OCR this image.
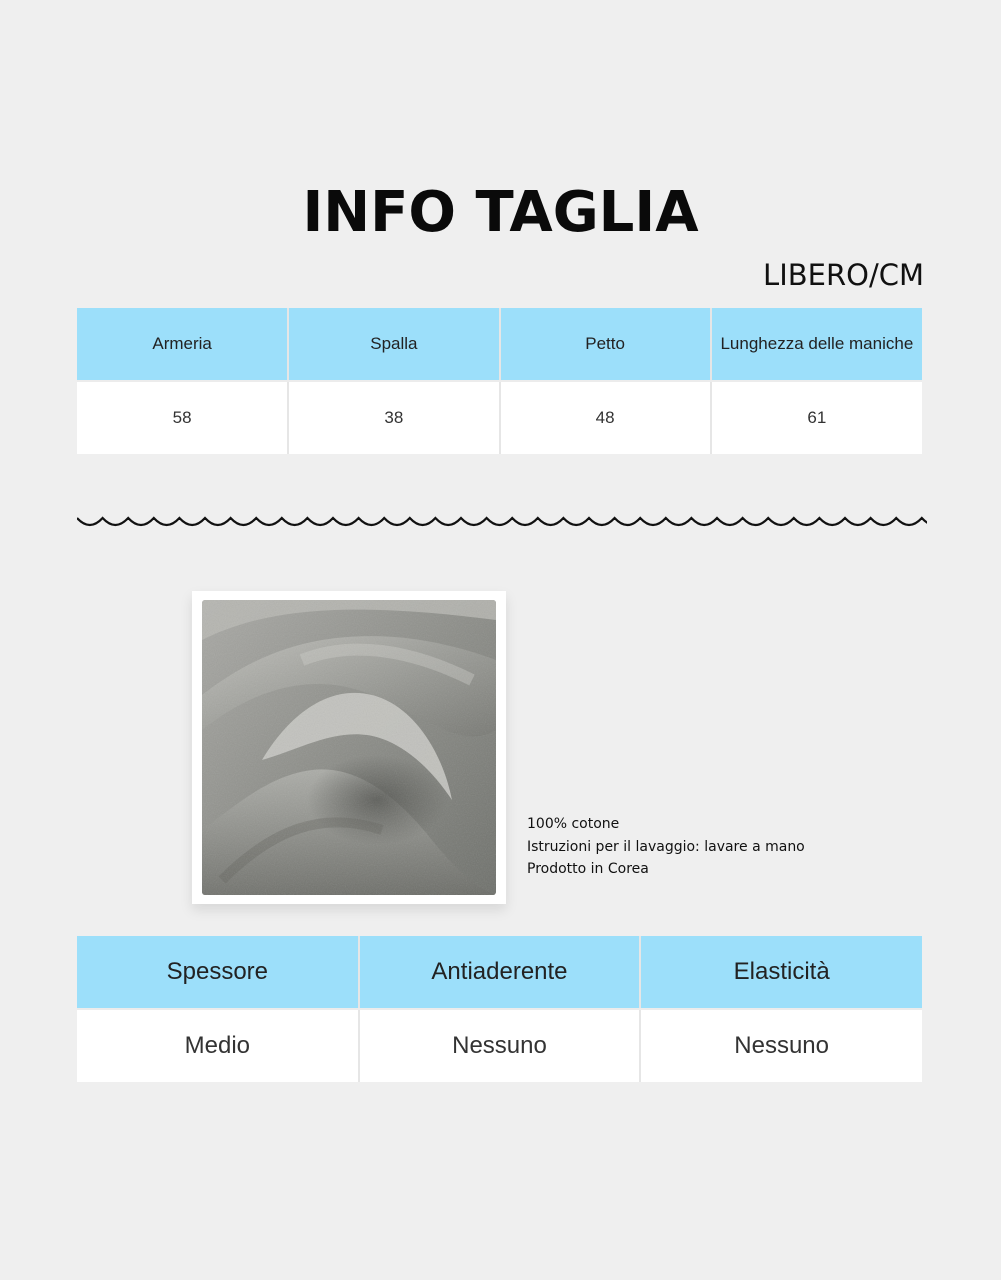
INFO TAGLIA
LIBERO/CM
Armeria	Spalla	Petto	Lunghezza delle maniche
58	38	48	61
100% cotone
Istruzioni per il lavaggio: lavare a mano
Prodotto in Corea
Spessore	Antiaderente	Elasticità
Medio	Nessuno	Nessuno
